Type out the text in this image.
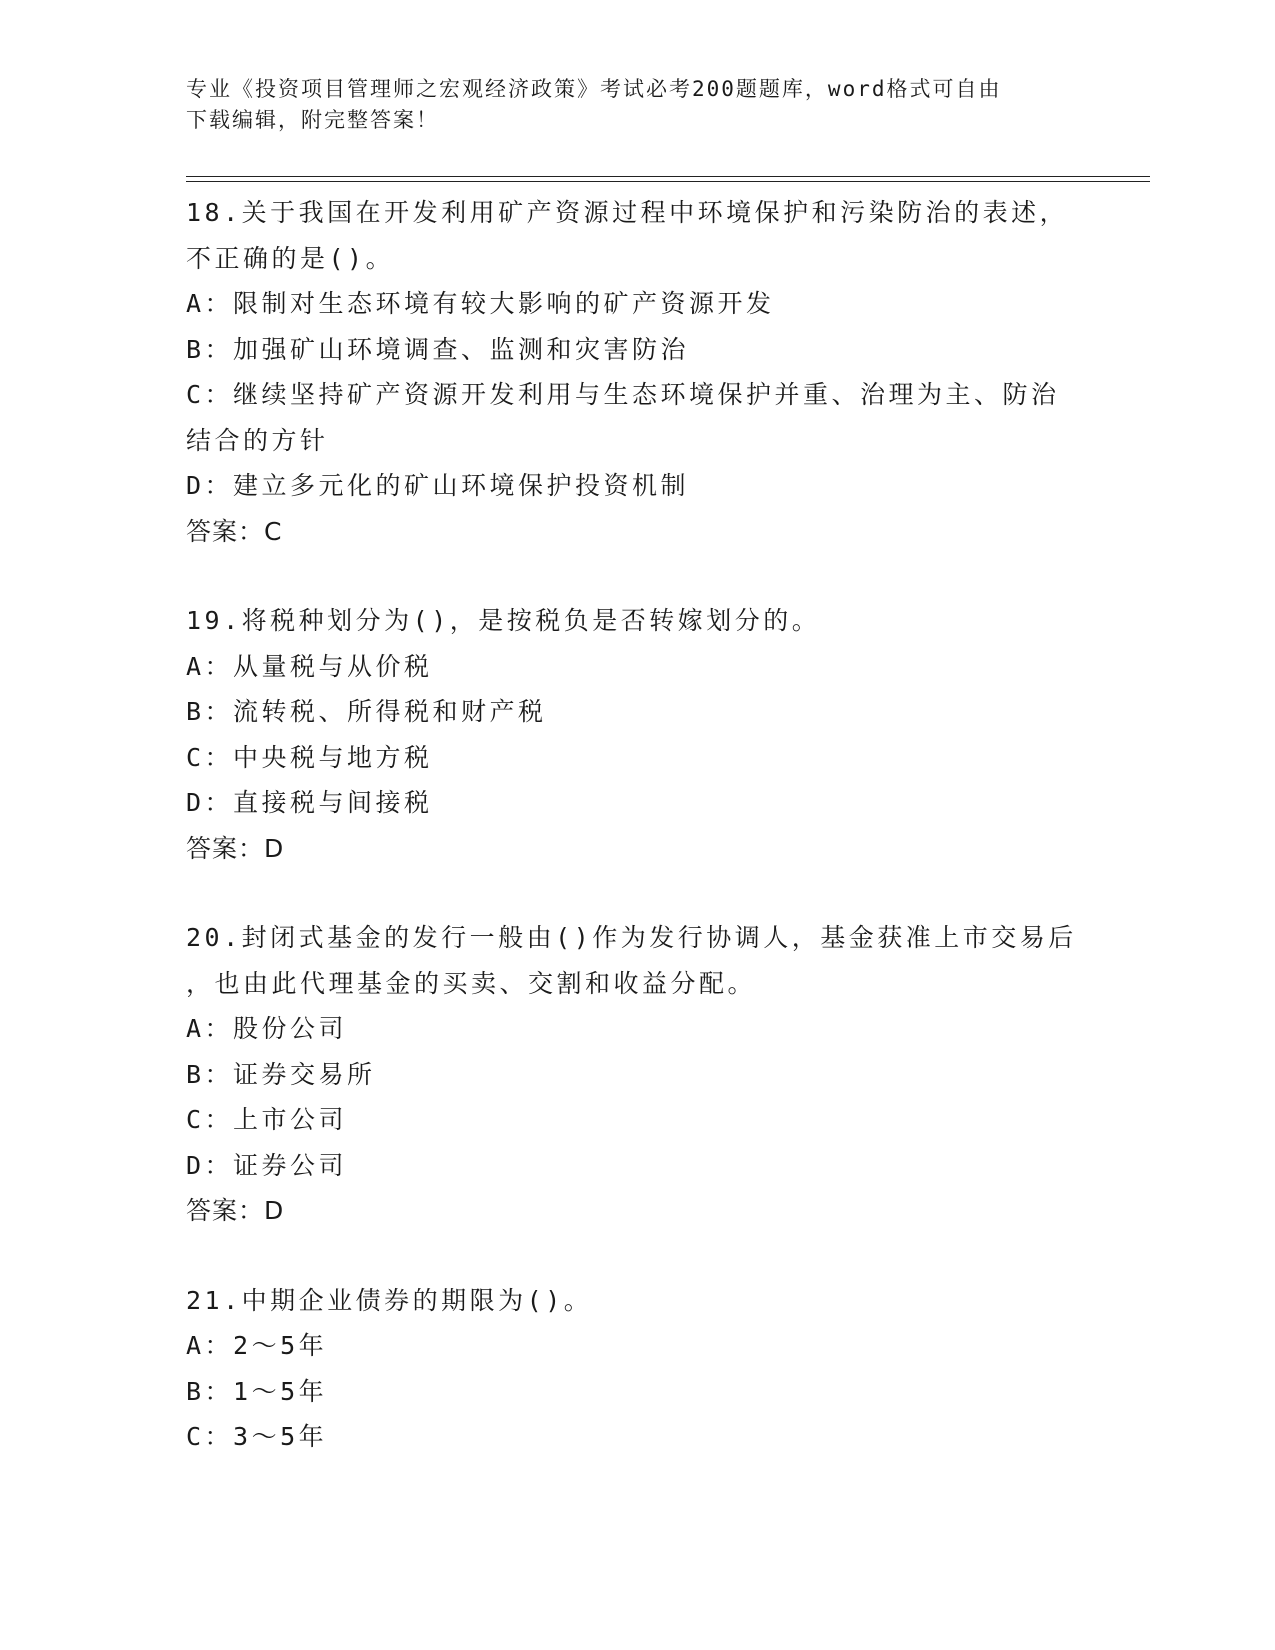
专业《投资项目管理师之宏观经济政策》考试必考200题题库，word格式可自由
下载编辑，附完整答案！
18.关于我国在开发利用矿产资源过程中环境保护和污染防治的表述，
不正确的是()。
A：限制对生态环境有较大影响的矿产资源开发
B：加强矿山环境调查、监测和灾害防治
C：继续坚持矿产资源开发利用与生态环境保护并重、治理为主、防治
结合的方针
D：建立多元化的矿山环境保护投资机制
答案：C
19.将税种划分为()，是按税负是否转嫁划分的。
A：从量税与从价税
B：流转税、所得税和财产税
C：中央税与地方税
D：直接税与间接税
答案：D
20.封闭式基金的发行一般由()作为发行协调人，基金获准上市交易后
，也由此代理基金的买卖、交割和收益分配。
A：股份公司
B：证券交易所
C：上市公司
D：证券公司
答案：D
21.中期企业债券的期限为()。
A：2～5年
B：1～5年
C：3～5年
